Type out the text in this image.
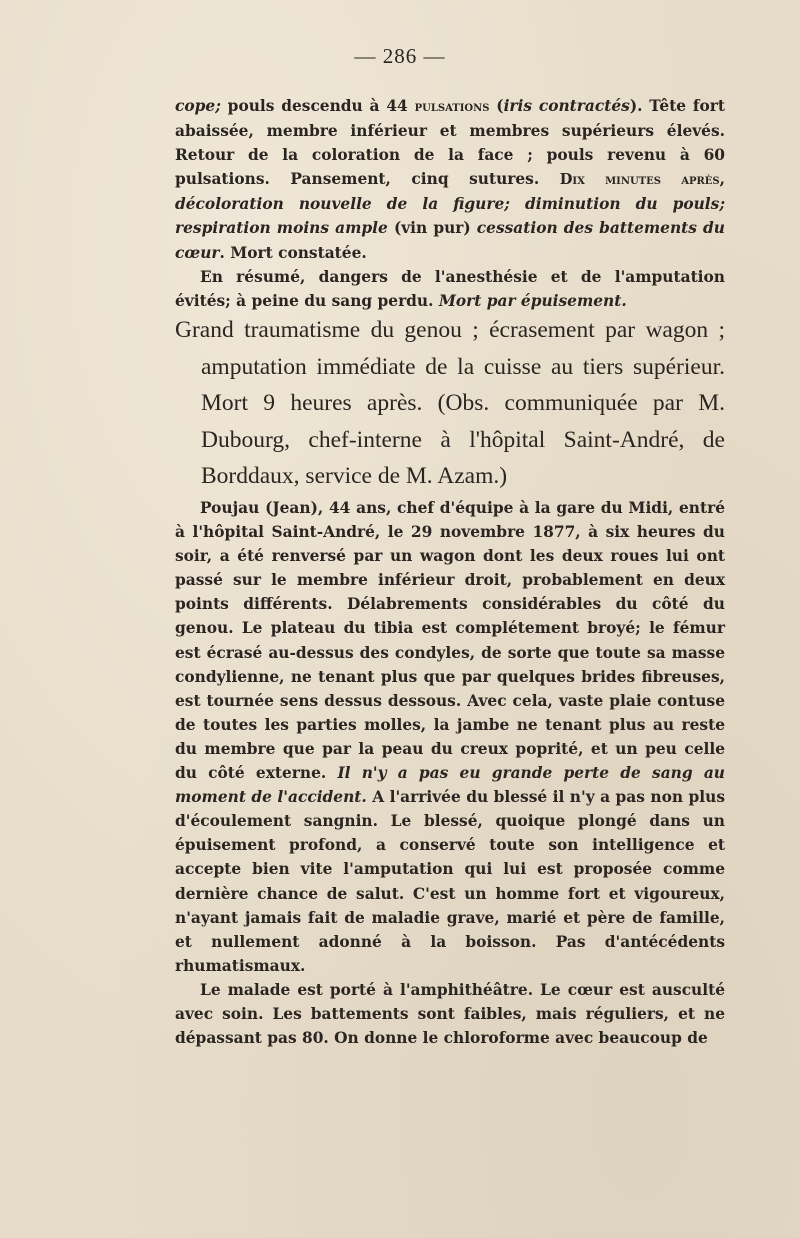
— 286 —

cope; pouls descendu à 44 pulsations (iris contractés). Tête fort abaissée, membre inférieur et membres supérieurs élevés. Retour de la coloration de la face ; pouls revenu à 60 pulsations. Pansement, cinq sutures. Dix minutes après, décoloration nouvelle de la figure; diminution du pouls; respiration moins ample (vin pur) cessation des battements du cœur. Mort constatée.

En résumé, dangers de l'anesthésie et de l'amputation évités; à peine du sang perdu. Mort par épuisement.

Grand traumatisme du genou ; écrasement par wagon ; amputation immédiate de la cuisse au tiers supérieur. Mort 9 heures après. (Obs. communiquée par M. Dubourg, chef-interne à l'hôpital Saint-André, de Borddaux, service de M. Azam.)

Poujau (Jean), 44 ans, chef d'équipe à la gare du Midi, entré à l'hôpital Saint-André, le 29 novembre 1877, à six heures du soir, a été renversé par un wagon dont les deux roues lui ont passé sur le membre inférieur droit, probablement en deux points différents. Délabrements considérables du côté du genou. Le plateau du tibia est complétement broyé; le fémur est écrasé au-dessus des condyles, de sorte que toute sa masse condylienne, ne tenant plus que par quelques brides fibreuses, est tournée sens dessus dessous. Avec cela, vaste plaie contuse de toutes les parties molles, la jambe ne tenant plus au reste du membre que par la peau du creux poprité, et un peu celle du côté externe. Il n'y a pas eu grande perte de sang au moment de l'accident. A l'arrivée du blessé il n'y a pas non plus d'écoulement sangnin. Le blessé, quoique plongé dans un épuisement profond, a conservé toute son intelligence et accepte bien vite l'amputation qui lui est proposée comme dernière chance de salut. C'est un homme fort et vigoureux, n'ayant jamais fait de maladie grave, marié et père de famille, et nullement adonné à la boisson. Pas d'antécédents rhumatismaux.

Le malade est porté à l'amphithéâtre. Le cœur est ausculté avec soin. Les battements sont faibles, mais réguliers, et ne dépassant pas 80. On donne le chloroforme avec beaucoup de
